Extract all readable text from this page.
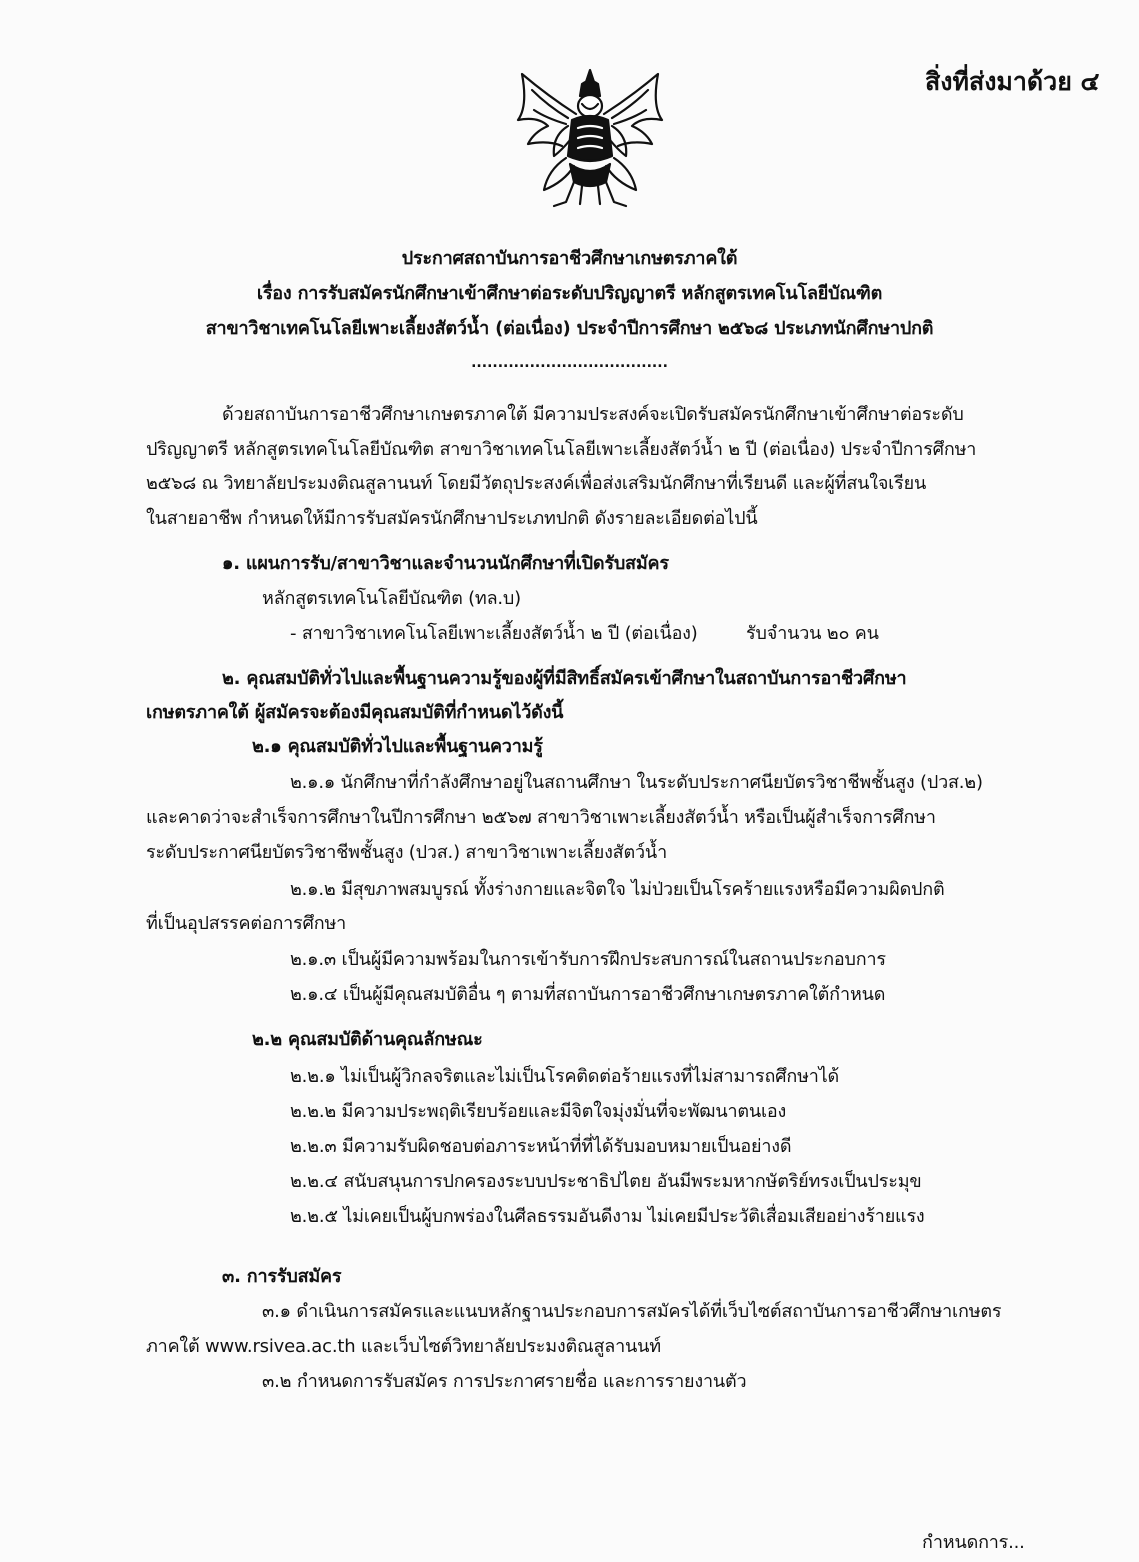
สิ่งที่ส่งมาด้วย ๔
ประกาศสถาบันการอาชีวศึกษาเกษตรภาคใต้
เรื่อง การรับสมัครนักศึกษาเข้าศึกษาต่อระดับปริญญาตรี หลักสูตรเทคโนโลยีบัณฑิต
สาขาวิชาเทคโนโลยีเพาะเลี้ยงสัตว์น้ำ (ต่อเนื่อง) ประจำปีการศึกษา ๒๕๖๘ ประเภทนักศึกษาปกติ
.....................................
ด้วยสถาบันการอาชีวศึกษาเกษตรภาคใต้ มีความประสงค์จะเปิดรับสมัครนักศึกษาเข้าศึกษาต่อระดับ
ปริญญาตรี หลักสูตรเทคโนโลยีบัณฑิต สาขาวิชาเทคโนโลยีเพาะเลี้ยงสัตว์น้ำ ๒ ปี (ต่อเนื่อง) ประจำปีการศึกษา
๒๕๖๘ ณ วิทยาลัยประมงติณสูลานนท์ โดยมีวัตถุประสงค์เพื่อส่งเสริมนักศึกษาที่เรียนดี และผู้ที่สนใจเรียน
ในสายอาชีพ กำหนดให้มีการรับสมัครนักศึกษาประเภทปกติ ดังรายละเอียดต่อไปนี้
๑. แผนการรับ/สาขาวิชาและจำนวนนักศึกษาที่เปิดรับสมัคร
หลักสูตรเทคโนโลยีบัณฑิต (ทล.บ)
- สาขาวิชาเทคโนโลยีเพาะเลี้ยงสัตว์น้ำ ๒ ปี (ต่อเนื่อง)	รับจำนวน ๒๐ คน
๒. คุณสมบัติทั่วไปและพื้นฐานความรู้ของผู้ที่มีสิทธิ์สมัครเข้าศึกษาในสถาบันการอาชีวศึกษา
เกษตรภาคใต้ ผู้สมัครจะต้องมีคุณสมบัติที่กำหนดไว้ดังนี้
๒.๑ คุณสมบัติทั่วไปและพื้นฐานความรู้
๒.๑.๑ นักศึกษาที่กำลังศึกษาอยู่ในสถานศึกษา ในระดับประกาศนียบัตรวิชาชีพชั้นสูง (ปวส.๒)
และคาดว่าจะสำเร็จการศึกษาในปีการศึกษา ๒๕๖๗ สาขาวิชาเพาะเลี้ยงสัตว์น้ำ หรือเป็นผู้สำเร็จการศึกษา
ระดับประกาศนียบัตรวิชาชีพชั้นสูง (ปวส.) สาขาวิชาเพาะเลี้ยงสัตว์น้ำ
๒.๑.๒ มีสุขภาพสมบูรณ์ ทั้งร่างกายและจิตใจ ไม่ป่วยเป็นโรคร้ายแรงหรือมีความผิดปกติ
ที่เป็นอุปสรรคต่อการศึกษา
๒.๑.๓ เป็นผู้มีความพร้อมในการเข้ารับการฝึกประสบการณ์ในสถานประกอบการ
๒.๑.๔ เป็นผู้มีคุณสมบัติอื่น ๆ ตามที่สถาบันการอาชีวศึกษาเกษตรภาคใต้กำหนด
๒.๒ คุณสมบัติด้านคุณลักษณะ
๒.๒.๑ ไม่เป็นผู้วิกลจริตและไม่เป็นโรคติดต่อร้ายแรงที่ไม่สามารถศึกษาได้
๒.๒.๒ มีความประพฤติเรียบร้อยและมีจิตใจมุ่งมั่นที่จะพัฒนาตนเอง
๒.๒.๓ มีความรับผิดชอบต่อภาระหน้าที่ที่ได้รับมอบหมายเป็นอย่างดี
๒.๒.๔ สนับสนุนการปกครองระบบประชาธิปไตย อันมีพระมหากษัตริย์ทรงเป็นประมุข
๒.๒.๕ ไม่เคยเป็นผู้บกพร่องในศีลธรรมอันดีงาม ไม่เคยมีประวัติเสื่อมเสียอย่างร้ายแรง
๓. การรับสมัคร
๓.๑ ดำเนินการสมัครและแนบหลักฐานประกอบการสมัครได้ที่เว็บไซต์สถาบันการอาชีวศึกษาเกษตร
ภาคใต้ www.rsivea.ac.th และเว็บไซต์วิทยาลัยประมงติณสูลานนท์
๓.๒ กำหนดการรับสมัคร การประกาศรายชื่อ และการรายงานตัว
กำหนดการ...
